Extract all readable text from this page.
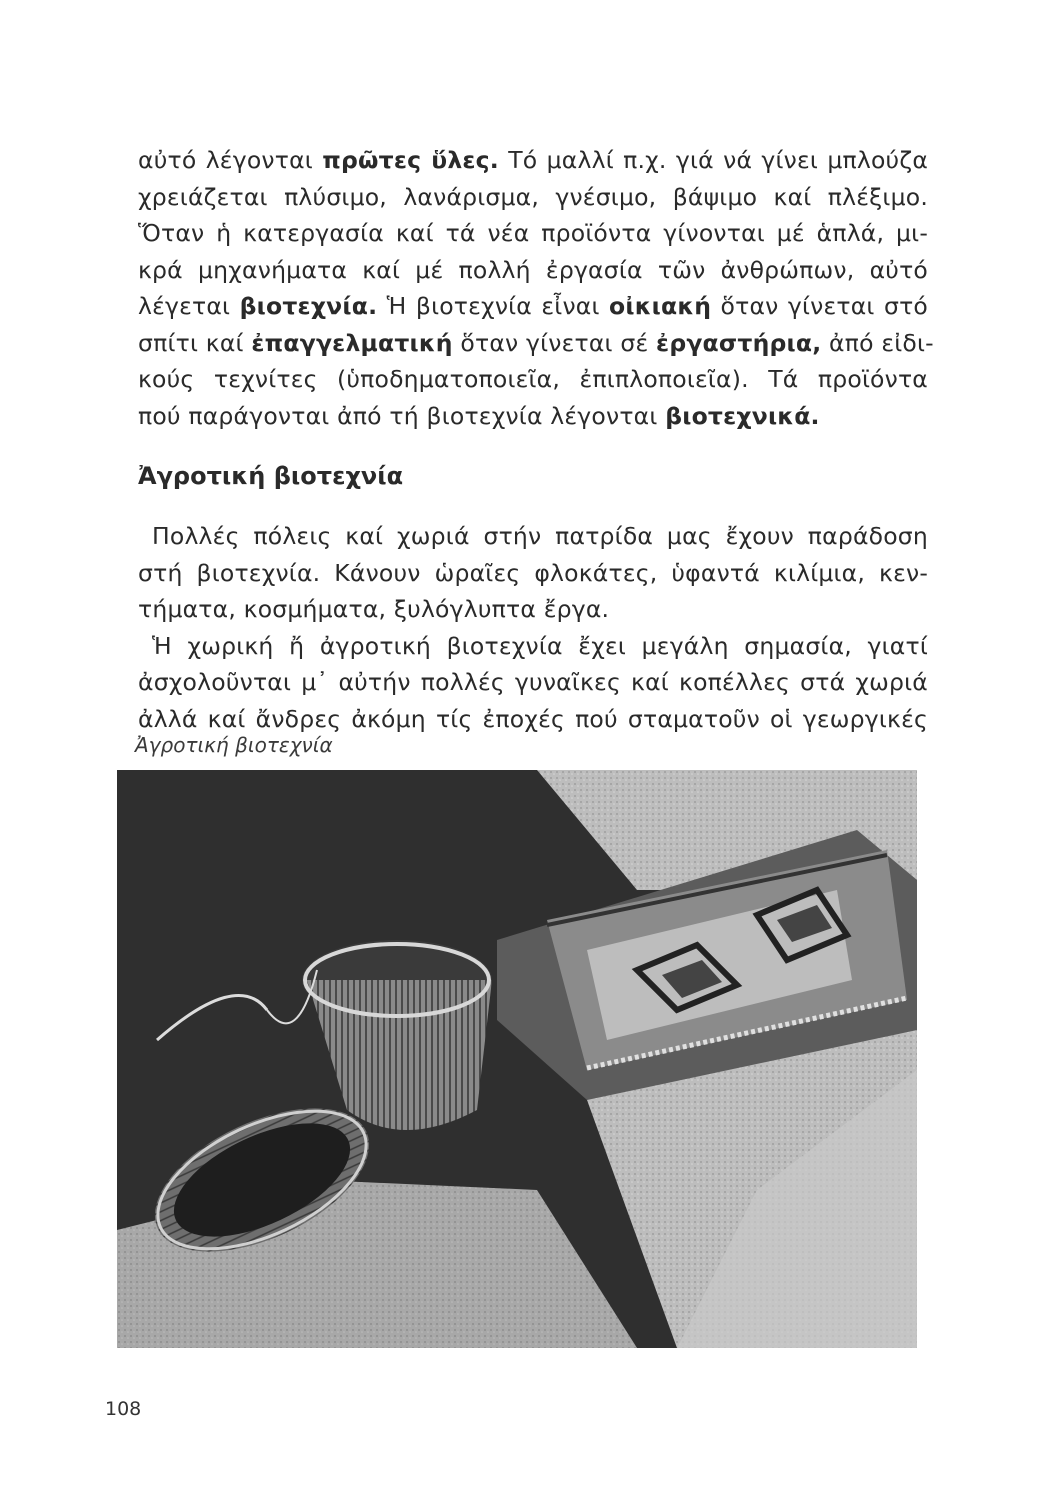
αὐτό λέγονται πρῶτες ὕλες. Τό μαλλί π.χ. γιά νά γίνει μπλούζα
χρειάζεται πλύσιμο, λανάρισμα, γνέσιμο, βάψιμο καί πλέξιμο.
Ὅταν ἡ κατεργασία καί τά νέα προϊόντα γίνονται μέ ἁπλά, μι-
κρά μηχανήματα καί μέ πολλή ἐργασία τῶν ἀνθρώπων, αὐτό
λέγεται βιοτεχνία. Ἡ βιοτεχνία εἶναι οἰκιακή ὅταν γίνεται στό
σπίτι καί ἐπαγγελματική ὅταν γίνεται σέ ἐργαστήρια, ἀπό εἰδι-
κούς τεχνίτες (ὑποδηματοποιεῖα, ἐπιπλοποιεῖα). Τά προϊόντα
πού παράγονται ἀπό τή βιοτεχνία λέγονται βιοτεχνικά.
Ἀγροτική βιοτεχνία
Πολλές πόλεις καί χωριά στήν πατρίδα μας ἔχουν παράδοση
στή βιοτεχνία. Κάνουν ὡραῖες φλοκάτες, ὑφαντά κιλίμια, κεν-
τήματα, κοσμήματα, ξυλόγλυπτα ἔργα.
Ἡ χωρική ἤ ἀγροτική βιοτεχνία ἔχει μεγάλη σημασία, γιατί
ἀσχολοῦνται μ᾽ αὐτήν πολλές γυναῖκες καί κοπέλλες στά χωριά
ἀλλά καί ἄνδρες ἀκόμη τίς ἐποχές πού σταματοῦν οἱ γεωργικές
Ἀγροτική βιοτεχνία
108
